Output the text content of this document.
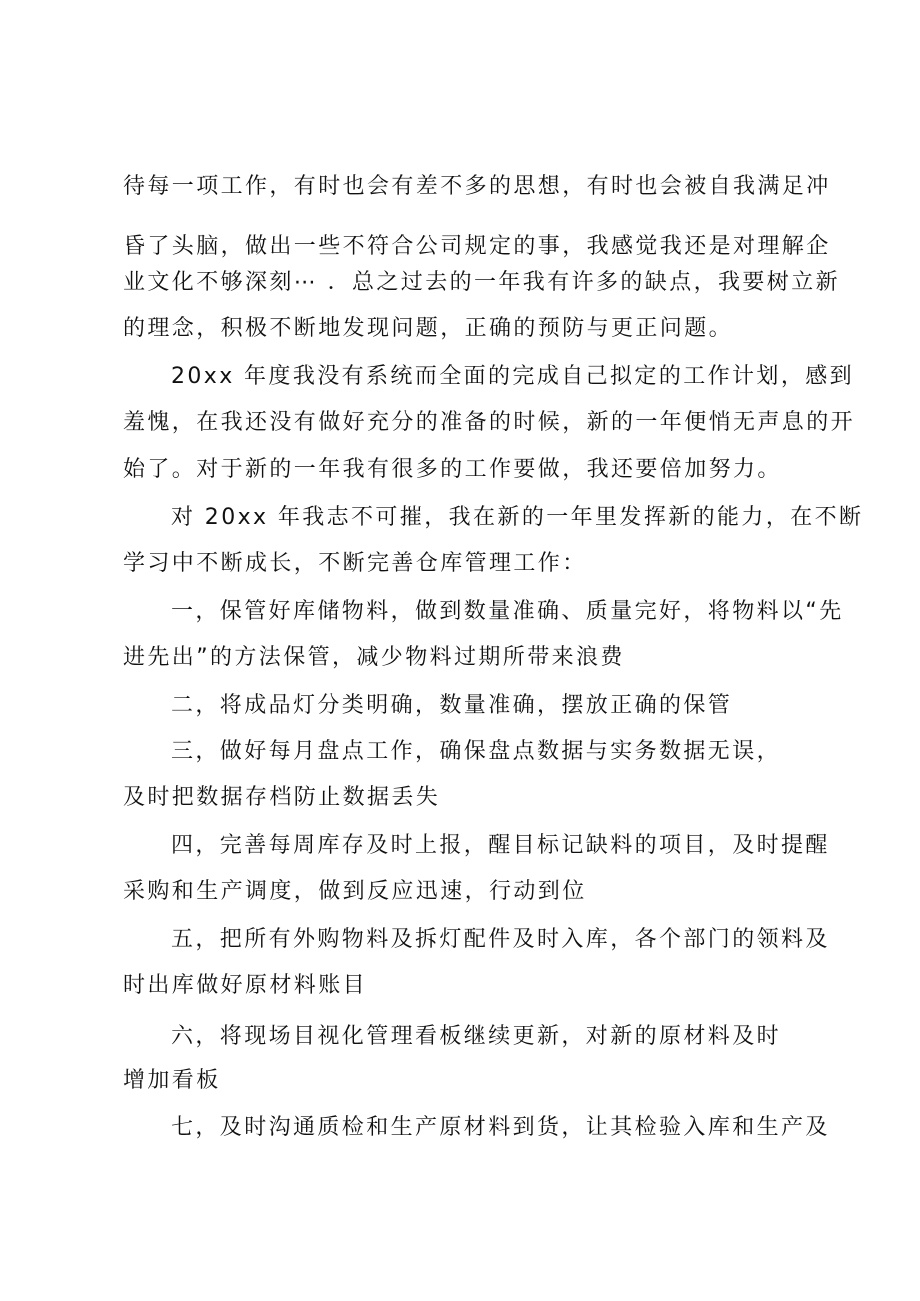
待每一项工作，有时也会有差不多的思想，有时也会被自我满足冲
昏了头脑，做出一些不符合公司规定的事，我感觉我还是对理解企
业文化不够深刻⋯ ．总之过去的一年我有许多的缺点，我要树立新
的理念，积极不断地发现问题，正确的预防与更正问题。
20xx 年度我没有系统而全面的完成自己拟定的工作计划，感到
羞愧，在我还没有做好充分的准备的时候，新的一年便悄无声息的开
始了。对于新的一年我有很多的工作要做，我还要倍加努力。
对 20xx 年我志不可摧，我在新的一年里发挥新的能力，在不断
学习中不断成长，不断完善仓库管理工作：
一，保管好库储物料，做到数量准确、质量完好，将物料以“先
进先出”的方法保管，减少物料过期所带来浪费
二，将成品灯分类明确，数量准确，摆放正确的保管
三，做好每月盘点工作，确保盘点数据与实务数据无误，
及时把数据存档防止数据丢失
四，完善每周库存及时上报，醒目标记缺料的项目，及时提醒
采购和生产调度，做到反应迅速，行动到位
五，把所有外购物料及拆灯配件及时入库，各个部门的领料及
时出库做好原材料账目
六，将现场目视化管理看板继续更新，对新的原材料及时
增加看板
七，及时沟通质检和生产原材料到货，让其检验入库和生产及
